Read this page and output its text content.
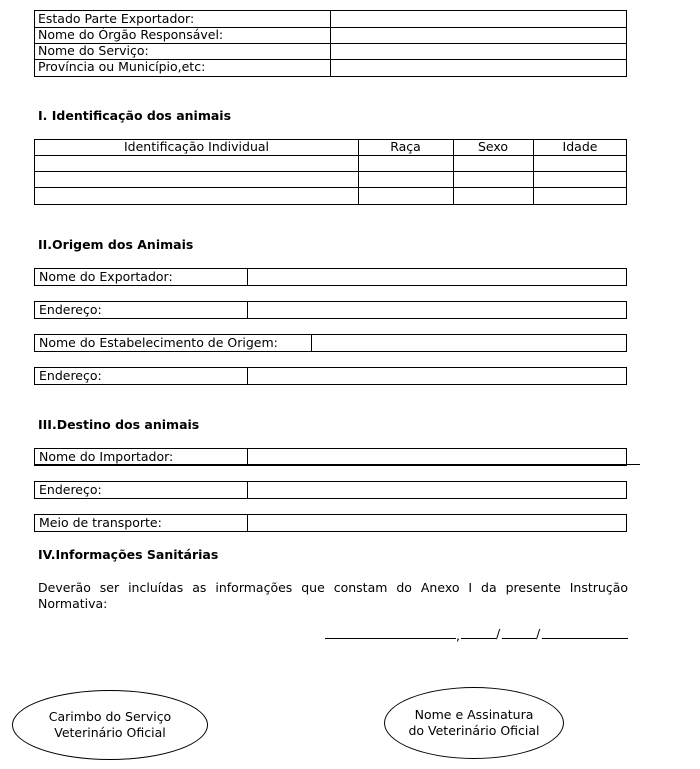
Estado Parte Exportador:
Nome do Órgão Responsável:
Nome do Serviço:
Província ou Município,etc:
I. Identificação dos animais
Identificação Individual	Raça	Sexo	Idade
II.Origem dos Animais
Nome do Exportador:
Endereço:
Nome do Estabelecimento de Origem:
Endereço:
III.Destino dos animais
Nome do Importador:
Endereço:
Meio de transporte:
IV.Informações Sanitárias
Deverão ser incluídas as informações que constam do Anexo I da presente Instrução Normativa:
,	/	/
Carimbo do Serviço
Veterinário Oficial
Nome e Assinatura
do Veterinário Oficial
